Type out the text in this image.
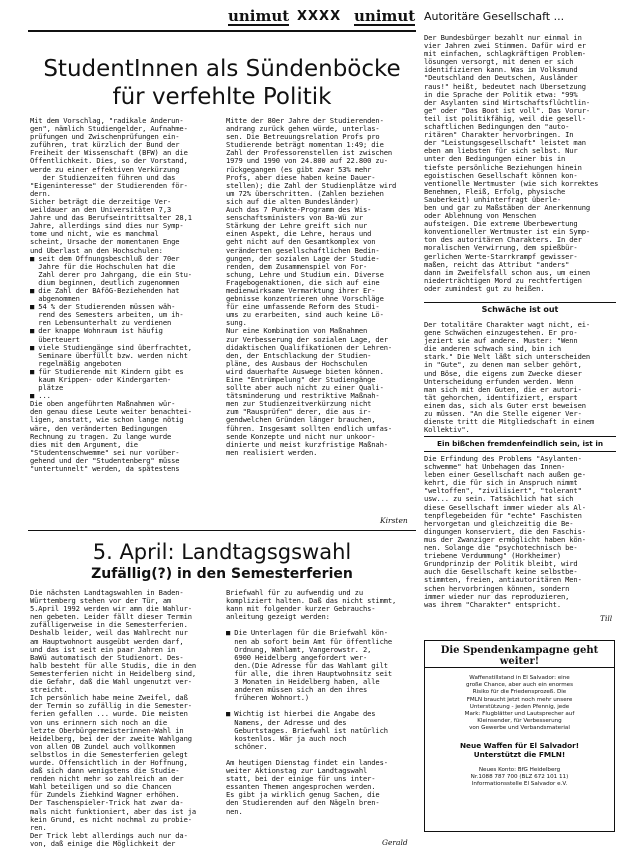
unimut XXXX unimut Autoritäre Gesellschaft ...
StudentInnen als Sündenböcke
für verfehlte Politik
Mit dem Vorschlag, "radikale Änderun-
gen", nämlich Studiengelder, Aufnahme-
prüfungen und Zwischenprüfungen ein-
zuführen, trat kürzlich der Bund der
Freiheit der Wissenschaft (BFW) an die
Öffentlichkeit. Dies, so der Vorstand,
werde zu einer effektiven Verkürzung
der Studienzeiten führen und das
"Eigeninteresse" der Studierenden för-
dern.
Sicher beträgt die derzeitige Ver-
weildauer an den Universitäten 7,3
Jahre und das Berufseintrittsalter 28,1
Jahre, allerdings sind dies nur Symp-
tome und nicht, wie es manchmal
scheint, Ursache der momentanen Enge
und Überlast an den Hochschulen:
■ seit dem Öffnungsbeschluß der 70er
Jahre für die Hochschulen hat die
Zahl derer pro Jahrgang, die ein Stu-
dium beginnen, deutlich zugenommen
■ die Zahl der BAföG-Beziehenden hat
abgenommen
■ 54 % der Studierenden müssen wäh-
rend des Semesters arbeiten, um ih-
ren Lebensunterhalt zu verdienen
■ der knappe Wohnraum ist häufig
überteuert
■ viele Studiengänge sind überfrachtet,
Seminare überfüllt bzw. werden nicht
regelmäßig angeboten
■ für Studierende mit Kindern gibt es
kaum Krippen- oder Kindergarten-
plätze
■ ...
Die oben angeführten Maßnahmen wür-
den genau diese Leute weiter benachtei-
ligen, anstatt, wie schon lange nötig
wäre, den veränderten Bedingungen
Rechnung zu tragen. Zu lange wurde
dies mit dem Argument, die
"Studentenschwemme" sei nur vorüber-
gehend und der "Studentenberg" müsse
"untertunnelt" werden, da spätestens
Mitte der 80er Jahre der Studierenden-
andrang zurück gehen würde, unterlas-
sen. Die Betreuungsrelation Profs pro
Studierende beträgt momentan 1:49; die
Zahl der Professorenstellen ist zwischen
1979 und 1990 von 24.800 auf 22.800 zu-
rückgegangen (es gibt zwar 53% mehr
Profs, aber diese haben keine Dauer-
stellen); die Zahl der Studienplätze wird
um 72% überschritten. (Zahlen beziehen
sich auf die alten Bundesländer)
Auch das 7 Punkte-Programm des Wis-
senschaftsministers von Ba-Wü zur
Stärkung der Lehre greift sich nur
einen Aspekt, die Lehre, heraus und
geht nicht auf den Gesamtkomplex von
veränderten gesellschaftlichen Bedin-
gungen, der sozialen Lage der Studie-
renden, dem Zusammenspiel von For-
schung, Lehre und Studium ein. Diverse
Fragebogenaktionen, die sich auf eine
medienwirksame Vermarktung ihrer Er-
gebnisse konzentrieren ohne Vorschläge
für eine umfassende Reform des Studi-
ums zu erarbeiten, sind auch keine Lö-
sung.
Nur eine Kombination von Maßnahmen
zur Verbesserung der sozialen Lage, der
didaktischen Qualifikationen der Lehren-
den, der Entschlackung der Studien-
pläne, des Ausbaus der Hochschulen
wird dauerhafte Auswege bieten können.
Eine "Entrümpelung" der Studiengänge
sollte aber auch nicht zu einer Quali-
tätsminderung und restriktive Maßnah-
men zur Studienzeitverkürzung nicht
zum "Rausprüfen" derer, die aus ir-
gendwelchen Gründen länger brauchen,
führen. Insgesamt sollten endlich umfas-
sende Konzepte und nicht nur unkoor-
dinierte und meist kurzfristige Maßnah-
men realisiert werden.
Kirsten
5. April: Landtagsgswahl
Zufällig(?) in den Semesterferien
Die nächsten Landtagswahlen in Baden-
Württemberg stehen vor der Tür, am
5.April 1992 werden wir amn die Wahlur-
nen gebeten. Leider fällt dieser Termin
zufälligerweise in die Semesterferien.
Deshalb leider, weil das Wahlrecht nur
am Hauptwohnort ausgeübt werden darf,
und das ist seit ein paar Jahren in
BaWü automatisch der Studienort. Des-
halb besteht für alle Studis, die in den
Semesterferien nicht in Heidelberg sind,
die Gefahr, daß die Wahl ungenutzt ver-
streicht.
Ich persönlich habe meine Zweifel, daß
der Termin so zufällig in die Semester-
ferien gefallen ... wurde. Die meisten
von uns erinnern sich noch an die
letzte Oberbürgermeisterinnen-Wahl in
Heidelberg, bei der der zweite Wahlgang
von allen OB Zundel auch vollkommen
selbstlos in die Semesterferien gelegt
wurde. Offensichtlich in der Hoffnung,
daß sich dann wenigstens die Studie-
renden nicht mehr so zahlreich an der
Wahl beteiligen und so die Chancen
für Zundels Ziehkind Wagner erhöhen.
Der Taschenspieler-Trick hat zwar da-
mals nicht funktioniert, aber das ist ja
kein Grund, es nicht nochmal zu probie-
ren.
Der Trick lebt allerdings auch nur da-
von, daß einige die Möglichkeit der
Briefwahl für zu aufwendig und zu
kompliziert halten. Daß das nicht stimmt,
kann mit folgender kurzer Gebrauchs-
anleitung gezeigt werden:
■ Die Unterlagen für die Briefwahl kön-
nen ab sofort beim Amt für öffentliche
Ordnung, Wahlamt, Vangerowstr. 2,
6900 Heidelberg angefordert wer-
den.(Die Adresse für das Wahlamt gilt
für alle, die ihren Hauptwohnsitz seit
3 Monaten in Heidelberg haben, alle
anderen müssen sich an den ihres
früheren Wohnort.)
■ Wichtig ist hierbei die Angabe des
Namens, der Adresse und des
Geburtstages. Briefwahl ist natürlich
kostenlos. Wär ja auch noch
schöner.
Am heutigen Dienstag findet ein landes-
weiter Aktionstag zur Landtagswahl
statt, bei der einige für uns inter-
essanten Themen angesprochen werden.
Es gibt ja wirklich genug Sachen, die
den Studierenden auf den Nägeln bren-
nen.
Gerald
Der Bundesbürger bezahlt nur einmal in
vier Jahren zwei Stimmen. Dafür wird er
mit einfachen, schlagkräftigen Problem-
lösungen versorgt, mit denen er sich
identifizieren kann. Was im Volksmund
"Deutschland den Deutschen, Ausländer
raus!" heißt, bedeutet nach Übersetzung
in die Sprache der Politik etwa: "99%
der Asylanten sind Wirtschaftsflüchtlin-
ge" oder "Das Boot ist voll". Das Vorur-
teil ist politikfähig, weil die gesell-
schaftlichen Bedingungen den "auto-
ritären" Charakter hervorbringen. In
der "Leistungsgesellschaft" leistet man
eben am liebsten für sich selbst. Nur
unter den Bedingungen einer bis in
tiefste persönliche Beziehungen hinein
egoistischen Gesellschaft können kon-
ventionelle Wertmuster (wie sich korrektes
Benehmen, Fleiß, Erfolg, physische
Sauberkeit) unhinterfragt überle-
ben und gar zu Maßstäben der Anerkennung
oder Ablehnung von Menschen
aufsteigen. Die extreme Überbewertung
konventioneller Wertmuster ist ein Symp-
ton des autoritären Charakters. In der
moralischen Verwirrung, dem spießbür-
gerlichen Werte-Starrkrampf gewisser-
maßen, reicht das Attribut "anders"
dann im Zweifelsfall schon aus, um einen
niederträchtigen Mord zu rechtfertigen
oder zumindest gut zu heißen.
Schwäche ist out
Der totalitäre Charakter wagt nicht, ei-
gene Schwächen einzugestehen. Er pro-
jeziert sie auf andere. Muster: "Wenn
die anderen schwach sind, bin ich
stark." Die Welt läßt sich unterscheiden
in "Gute", zu denen man selber gehört,
und Böse, die eigens zum Zwecke dieser
Unterscheidung erfunden werden. Wenn
man sich mit den Guten, die er autori-
tät gehorchen, identifiziert, erspart
einem das, sich als Guter erst beweisen
zu müssen. "An die Stelle eigener Ver-
dienste tritt die Mitgliedschaft in einem
Kollektiv".
Ein bißchen fremdenfeindlich sein, ist in
Die Erfindung des Problems "Asylanten-
schwemme" hat Unbehagen das Innen-
leben einer Gesellschaft nach außen ge-
kehrt, die für sich in Anspruch nimmt
"weltoffen", "zivilisiert", "tolerant"
usw... zu sein. Tatsächlich hat sich
diese Gesellschaft immer wieder als Al-
tenpflegebeiden für "echte" Faschisten
hervorgetan und gleichzeitig die Be-
dingungen konserviert, die den Faschis-
mus der Zwanziger ermöglicht haben kön-
nen. Solange die "psychotechnisch be-
triebene Verdummung" (Horkheimer)
Grundprinzip der Politik bleibt, wird
auch die Gesellschaft keine selbstbe-
stimmten, freien, antiautoritären Men-
schen hervorbringen können, sondern
immer wieder nur das reproduzieren,
was ihrem "Charakter" entspricht.
Till
Die Spendenkampagne geht weiter!
Waffenstillstand in El Salvador: eine
große Chance, aber auch ein enormes
Risiko für die Friedensprozeß. Die
FMLN braucht jetzt noch mehr unsere
Unterstützung - jeden Pfennig, jede
Mark: Flugblätter und Lautsprecher auf
Kleinsender, für Verbesserung
von Gewerbe und Verbandsmaterial
Neue Waffen für El Salvador!
Unterstützt die FMLN!
Neues Konto: BfG Heidelberg
Nr.1088 787 700 (BLZ 672 101 11)
Informationsstelle El Salvador e.V.
